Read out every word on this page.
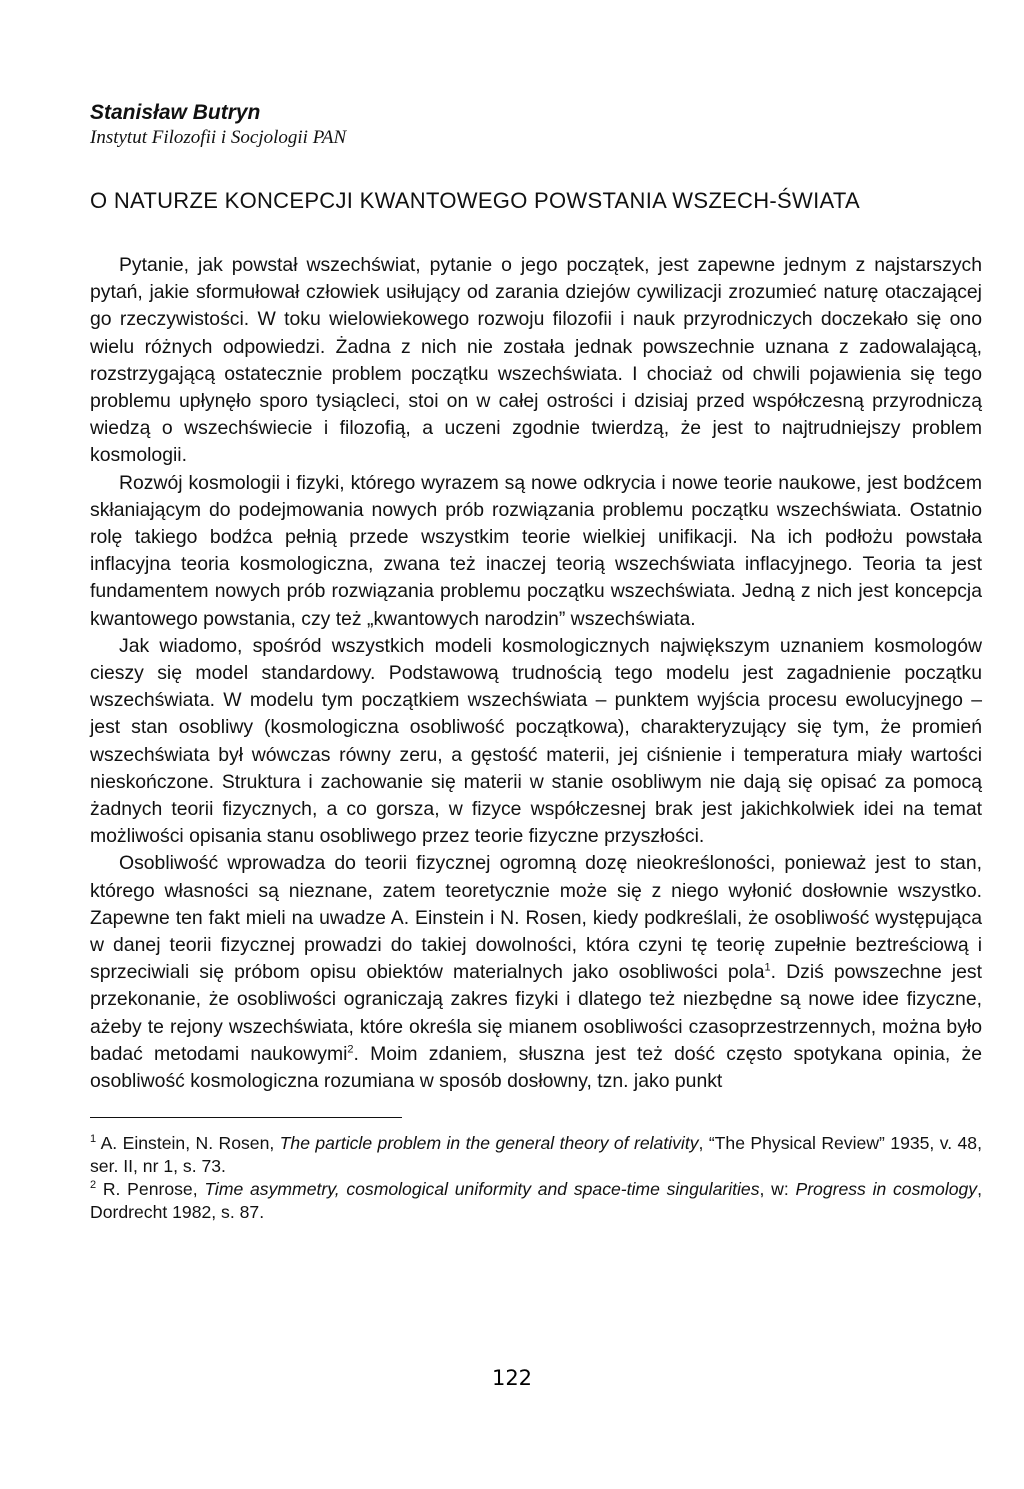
Stanisław Butryn
Instytut Filozofii i Socjologii PAN
O NATURZE KONCEPCJI KWANTOWEGO POWSTANIA WSZECH-ŚWIATA

Pytanie, jak powstał wszechświat, pytanie o jego początek, jest zapewne jednym z najstarszych pytań, jakie sformułował człowiek usiłujący od zarania dziejów cywilizacji zrozumieć naturę otaczającej go rzeczywistości. W toku wielowiekowego rozwoju filozofii i nauk przyrodniczych doczekało się ono wielu różnych odpowiedzi. Żadna z nich nie została jednak powszechnie uznana z zadowalającą, rozstrzygającą ostatecznie problem początku wszechświata. I chociaż od chwili pojawienia się tego problemu upłynęło sporo tysiącleci, stoi on w całej ostrości i dzisiaj przed współczesną przyrodniczą wiedzą o wszechświecie i filozofią, a uczeni zgodnie twierdzą, że jest to najtrudniejszy problem kosmologii.

Rozwój kosmologii i fizyki, którego wyrazem są nowe odkrycia i nowe teorie naukowe, jest bodźcem skłaniającym do podejmowania nowych prób rozwiązania problemu początku wszechświata. Ostatnio rolę takiego bodźca pełnią przede wszystkim teorie wielkiej unifikacji. Na ich podłożu powstała inflacyjna teoria kosmologiczna, zwana też inaczej teorią wszechświata inflacyjnego. Teoria ta jest fundamentem nowych prób rozwiązania problemu początku wszechświata. Jedną z nich jest koncepcja kwantowego powstania, czy też „kwantowych narodzin” wszechświata.

Jak wiadomo, spośród wszystkich modeli kosmologicznych największym uznaniem kosmologów cieszy się model standardowy. Podstawową trudnością tego modelu jest zagadnienie początku wszechświata. W modelu tym początkiem wszechświata – punktem wyjścia procesu ewolucyjnego – jest stan osobliwy (kosmologiczna osobliwość początkowa), charakteryzujący się tym, że promień wszechświata był wówczas równy zeru, a gęstość materii, jej ciśnienie i temperatura miały wartości nieskończone. Struktura i zachowanie się materii w stanie osobliwym nie dają się opisać za pomocą żadnych teorii fizycznych, a co gorsza, w fizyce współczesnej brak jest jakichkolwiek idei na temat możliwości opisania stanu osobliwego przez teorie fizyczne przyszłości.

Osobliwość wprowadza do teorii fizycznej ogromną dozę nieokreśloności, ponieważ jest to stan, którego własności są nieznane, zatem teoretycznie może się z niego wyłonić dosłownie wszystko. Zapewne ten fakt mieli na uwadze A. Einstein i N. Rosen, kiedy podkreślali, że osobliwość występująca w danej teorii fizycznej prowadzi do takiej dowolności, która czyni tę teorię zupełnie beztreściową i sprzeciwiali się próbom opisu obiektów materialnych jako osobliwości pola$^1$. Dziś powszechne jest przekonanie, że osobliwości ograniczają zakres fizyki i dlatego też niezbędne są nowe idee fizyczne, ażeby te rejony wszechświata, które określa się mianem osobliwości czasoprzestrzennych, można było badać metodami naukowymi$^2$. Moim zdaniem, słuszna jest też dość często spotykana opinia, że osobliwość kosmologiczna rozumiana w sposób dosłowny, tzn. jako punkt

$^1$ A. Einstein, N. Rosen, The particle problem in the general theory of relativity, “The Physical Review” 1935, v. 48, ser. II, nr 1, s. 73.
$^2$ R. Penrose, Time asymmetry, cosmological uniformity and space-time singularities, w: Progress in cosmology, Dordrecht 1982, s. 87.
122
